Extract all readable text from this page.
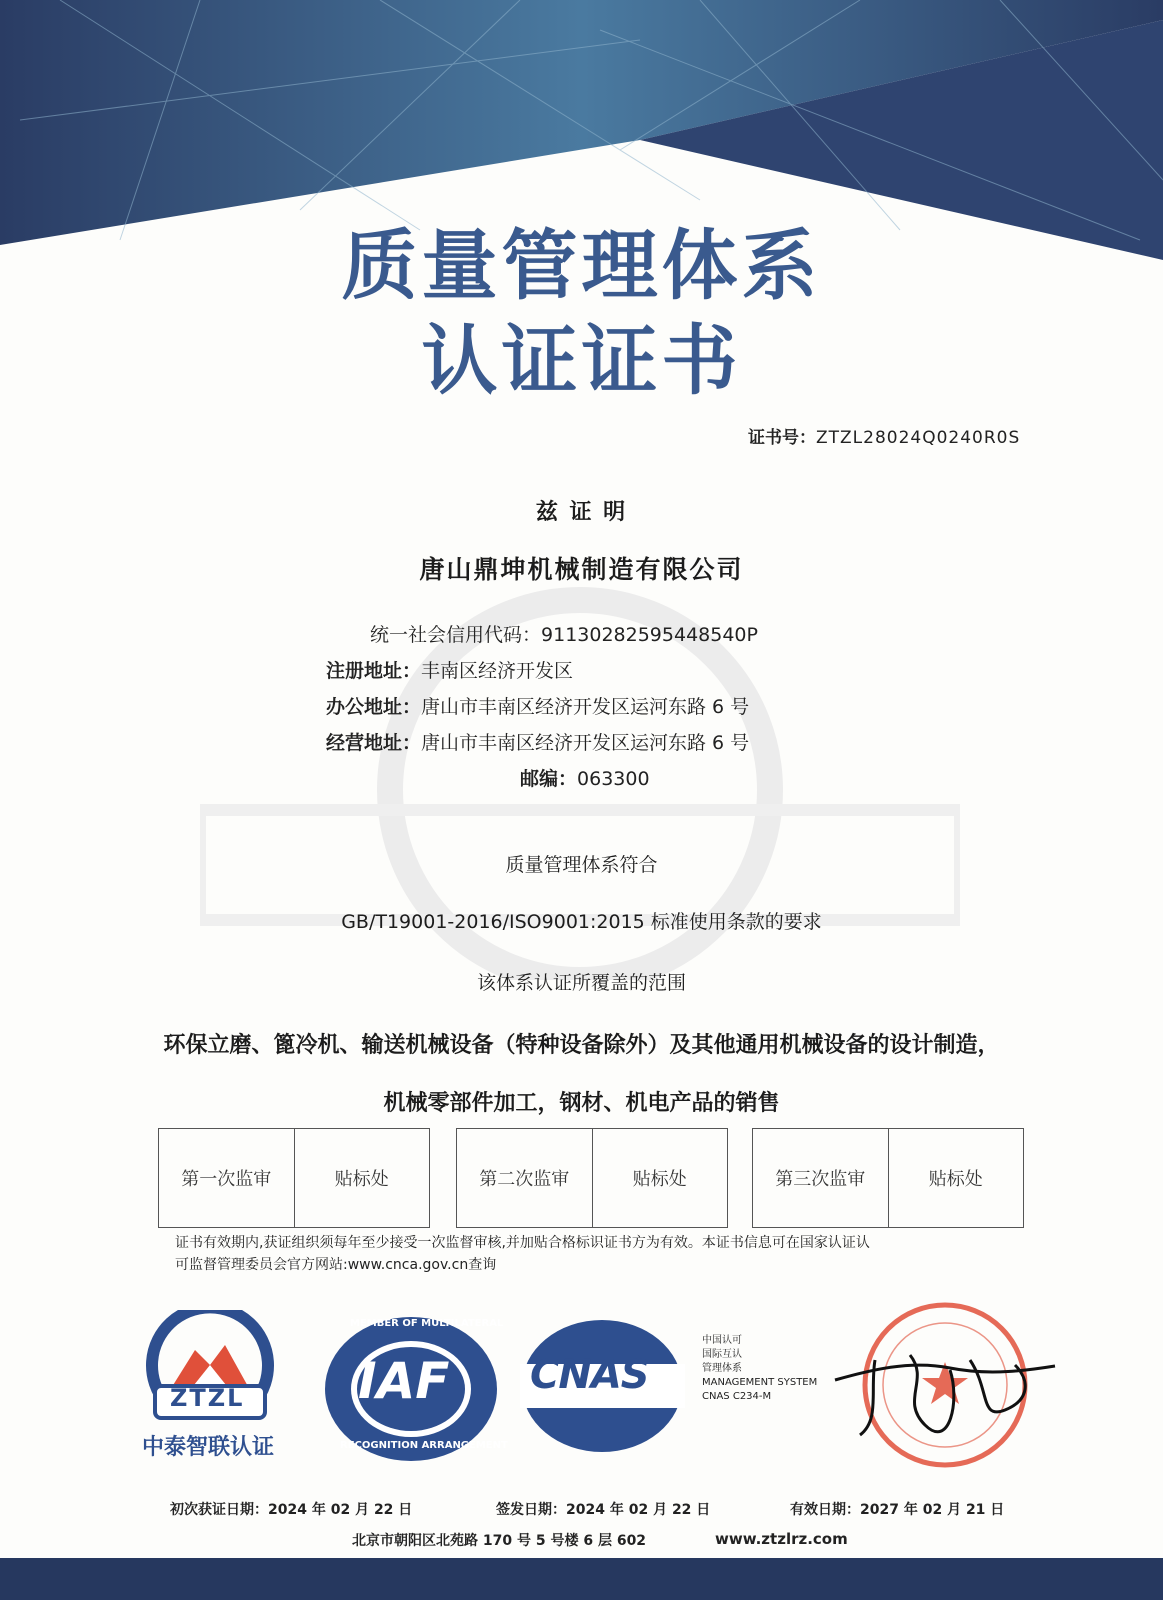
质量管理体系
认证证书
证书号：ZTZL28024Q0240R0S
兹 证 明
唐山鼎坤机械制造有限公司
统一社会信用代码：91130282595448540P
注册地址：丰南区经济开发区
办公地址：唐山市丰南区经济开发区运河东路 6 号
经营地址：唐山市丰南区经济开发区运河东路 6 号
邮编：063300
质量管理体系符合
GB/T19001-2016/ISO9001:2015 标准使用条款的要求
该体系认证所覆盖的范围
环保立磨、篦冷机、输送机械设备（特种设备除外）及其他通用机械设备的设计制造，
机械零部件加工，钢材、机电产品的销售
第一次监审	贴标处	第二次监审	贴标处	第三次监审	贴标处
证书有效期内,获证组织须每年至少接受一次监督审核,并加贴合格标识证书方为有效。本证书信息可在国家认证认
可监督管理委员会官方网站:www.cnca.gov.cn查询
ZTZL
中泰智联认证
IAF
MEMBER OF MULTILATERAL
RECOGNITION ARRANGEMENT
CNAS
中国认可
国际互认
管理体系
MANAGEMENT SYSTEM
CNAS C234-M
初次获证日期：2024 年 02 月 22 日	签发日期：2024 年 02 月 22 日	有效日期：2027 年 02 月 21 日
北京市朝阳区北苑路 170 号 5 号楼 6 层 602	www.ztzlrz.com
